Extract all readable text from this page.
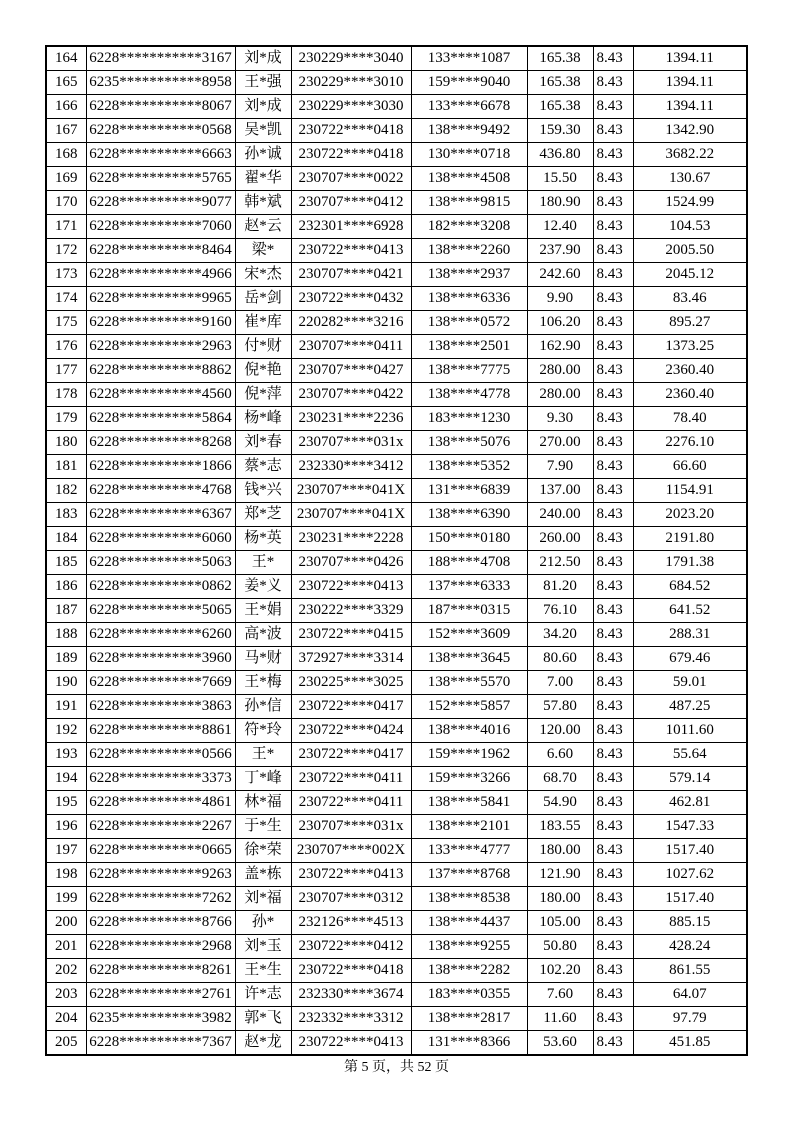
164	6228***********3167	刘*成	230229****3040	133****1087	165.38	8.43	1394.11
165	6235***********8958	王*强	230229****3010	159****9040	165.38	8.43	1394.11
166	6228***********8067	刘*成	230229****3030	133****6678	165.38	8.43	1394.11
167	6228***********0568	吴*凯	230722****0418	138****9492	159.30	8.43	1342.90
168	6228***********6663	孙*诚	230722****0418	130****0718	436.80	8.43	3682.22
169	6228***********5765	翟*华	230707****0022	138****4508	15.50	8.43	130.67
170	6228***********9077	韩*斌	230707****0412	138****9815	180.90	8.43	1524.99
171	6228***********7060	赵*云	232301****6928	182****3208	12.40	8.43	104.53
172	6228***********8464	梁*	230722****0413	138****2260	237.90	8.43	2005.50
173	6228***********4966	宋*杰	230707****0421	138****2937	242.60	8.43	2045.12
174	6228***********9965	岳*剑	230722****0432	138****6336	9.90	8.43	83.46
175	6228***********9160	崔*库	220282****3216	138****0572	106.20	8.43	895.27
176	6228***********2963	付*财	230707****0411	138****2501	162.90	8.43	1373.25
177	6228***********8862	倪*艳	230707****0427	138****7775	280.00	8.43	2360.40
178	6228***********4560	倪*萍	230707****0422	138****4778	280.00	8.43	2360.40
179	6228***********5864	杨*峰	230231****2236	183****1230	9.30	8.43	78.40
180	6228***********8268	刘*春	230707****031x	138****5076	270.00	8.43	2276.10
181	6228***********1866	蔡*志	232330****3412	138****5352	7.90	8.43	66.60
182	6228***********4768	钱*兴	230707****041X	131****6839	137.00	8.43	1154.91
183	6228***********6367	郑*芝	230707****041X	138****6390	240.00	8.43	2023.20
184	6228***********6060	杨*英	230231****2228	150****0180	260.00	8.43	2191.80
185	6228***********5063	王*	230707****0426	188****4708	212.50	8.43	1791.38
186	6228***********0862	姜*义	230722****0413	137****6333	81.20	8.43	684.52
187	6228***********5065	王*娟	230222****3329	187****0315	76.10	8.43	641.52
188	6228***********6260	高*波	230722****0415	152****3609	34.20	8.43	288.31
189	6228***********3960	马*财	372927****3314	138****3645	80.60	8.43	679.46
190	6228***********7669	王*梅	230225****3025	138****5570	7.00	8.43	59.01
191	6228***********3863	孙*信	230722****0417	152****5857	57.80	8.43	487.25
192	6228***********8861	符*玲	230722****0424	138****4016	120.00	8.43	1011.60
193	6228***********0566	王*	230722****0417	159****1962	6.60	8.43	55.64
194	6228***********3373	丁*峰	230722****0411	159****3266	68.70	8.43	579.14
195	6228***********4861	林*福	230722****0411	138****5841	54.90	8.43	462.81
196	6228***********2267	于*生	230707****031x	138****2101	183.55	8.43	1547.33
197	6228***********0665	徐*荣	230707****002X	133****4777	180.00	8.43	1517.40
198	6228***********9263	盖*栋	230722****0413	137****8768	121.90	8.43	1027.62
199	6228***********7262	刘*福	230707****0312	138****8538	180.00	8.43	1517.40
200	6228***********8766	孙*	232126****4513	138****4437	105.00	8.43	885.15
201	6228***********2968	刘*玉	230722****0412	138****9255	50.80	8.43	428.24
202	6228***********8261	王*生	230722****0418	138****2282	102.20	8.43	861.55
203	6228***********2761	许*志	232330****3674	183****0355	7.60	8.43	64.07
204	6235***********3982	郭*飞	232332****3312	138****2817	11.60	8.43	97.79
205	6228***********7367	赵*龙	230722****0413	131****8366	53.60	8.43	451.85
第 5 页，共 52 页
